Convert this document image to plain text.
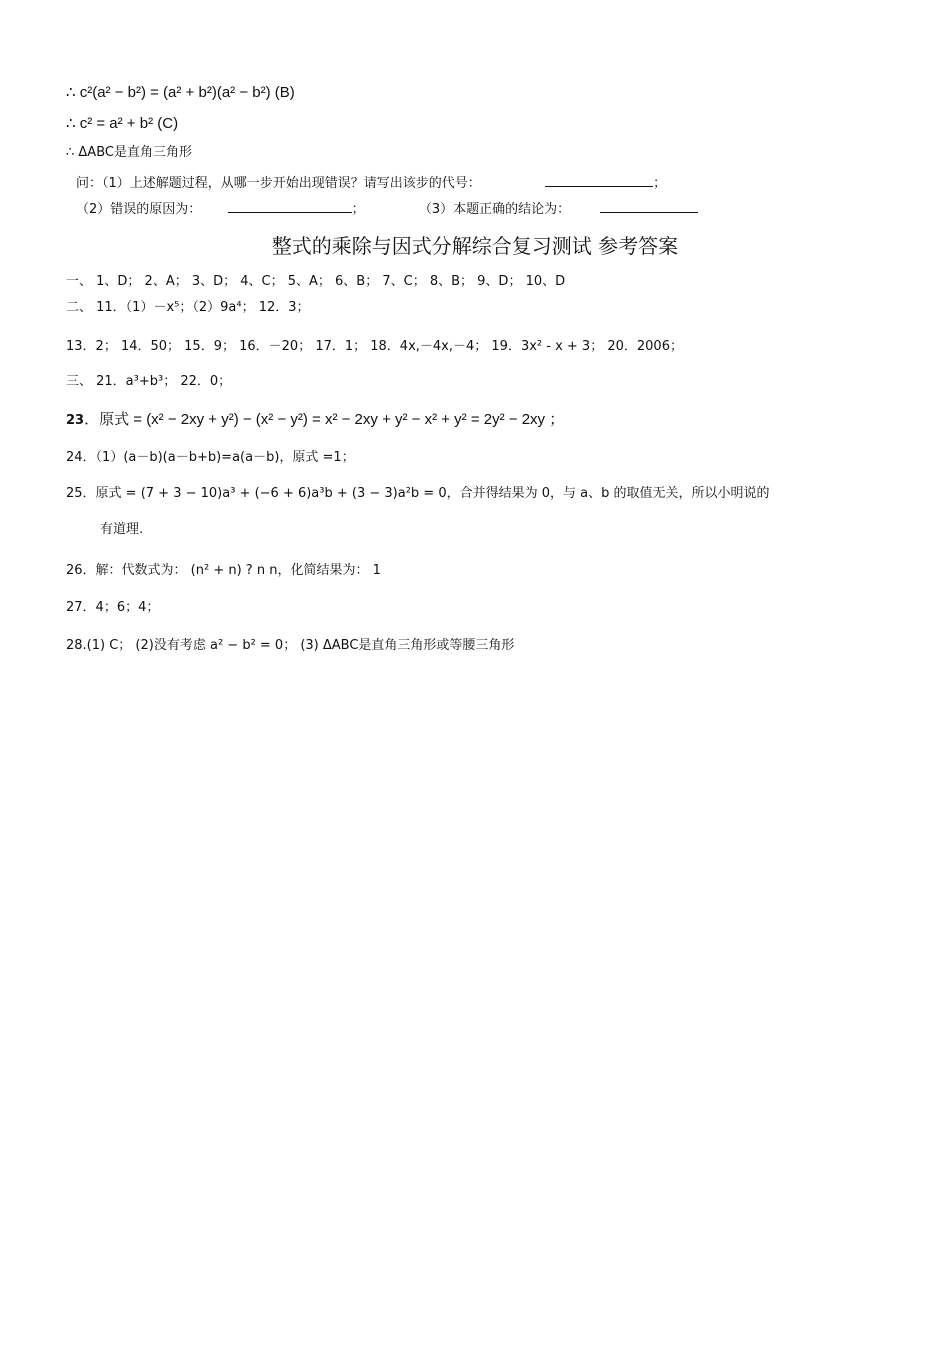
∴ c²(a² − b²) = (a² + b²)(a² − b²) (B)
∴ c² = a² + b² (C)
∴ ΔABC是直角三角形
问：（1）上述解题过程，从哪一步开始出现错误？请写出该步的代号：	；
（2）错误的原因为：	；	（3）本题正确的结论为：
整式的乘除与因式分解综合复习测试 参考答案
一、 1、D； 2、A； 3、D； 4、C； 5、A； 6、B； 7、C； 8、B； 9、D； 10、D
二、 11．（1）－x⁵；（2）9a⁴； 12．3；
13．2； 14．50； 15．9； 16．－20； 17．1； 18．4x,－4x,－4； 19．3x² - x + 3； 20．2006；
三、 21．a³+b³； 22．0；
23．原式 = (x² − 2xy + y²) − (x² − y²) = x² − 2xy + y² − x² + y² = 2y² − 2xy ；
24．（1）(a－b)(a－b+b)=a(a－b)，原式 =1；
25．原式 = (7 + 3 − 10)a³ + (−6 + 6)a³b + (3 − 3)a²b = 0，合并得结果为 0，与 a、b 的取值无关，所以小明说的
有道理.
26．解：代数式为： (n² + n) ? n n，化简结果为： 1
27．4；6；4；
28.(1) C； (2)没有考虑 a² − b² = 0； (3) ΔABC是直角三角形或等腰三角形
